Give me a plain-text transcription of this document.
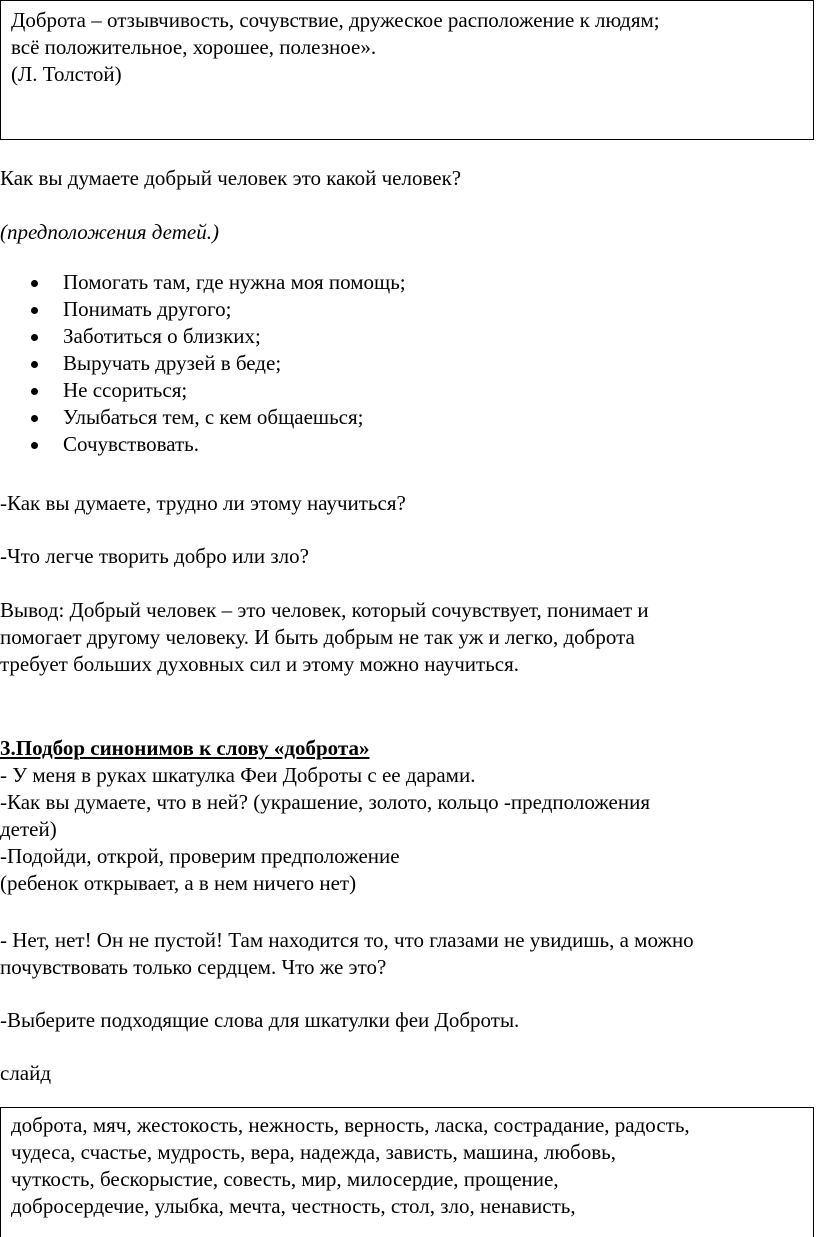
Доброта – отзывчивость, сочувствие, дружеское расположение к людям;
всё положительное, хорошее, полезное».
(Л. Толстой)
Как вы думаете добрый человек это какой человек?
(предположения детей.)
Помогать там, где нужна моя помощь;
Понимать другого;
Заботиться о близких;
Выручать друзей в беде;
Не ссориться;
Улыбаться тем, с кем общаешься;
Сочувствовать.
-Как вы думаете, трудно ли этому научиться?
-Что легче творить добро или зло?
Вывод: Добрый человек – это человек, который сочувствует, понимает и
помогает другому человеку. И быть добрым не так уж и легко, доброта
требует больших духовных сил и этому можно научиться.
3.Подбор синонимов к слову «доброта»
- У меня в руках шкатулка Феи Доброты с ее дарами.
-Как вы думаете, что в ней? (украшение, золото, кольцо -предположения
детей)
-Подойди, открой, проверим предположение
(ребенок открывает, а в нем ничего нет)
- Нет, нет! Он не пустой! Там находится то, что глазами не увидишь, а можно
почувствовать только сердцем. Что же это?
-Выберите подходящие слова для шкатулки феи Доброты.
слайд
доброта, мяч, жестокость, нежность, верность, ласка, сострадание, радость,
чудеса, счастье, мудрость, вера, надежда, зависть, машина, любовь,
чуткость, бескорыстие, совесть, мир, милосердие, прощение,
добросердечие, улыбка, мечта, честность, стол, зло, ненависть,
